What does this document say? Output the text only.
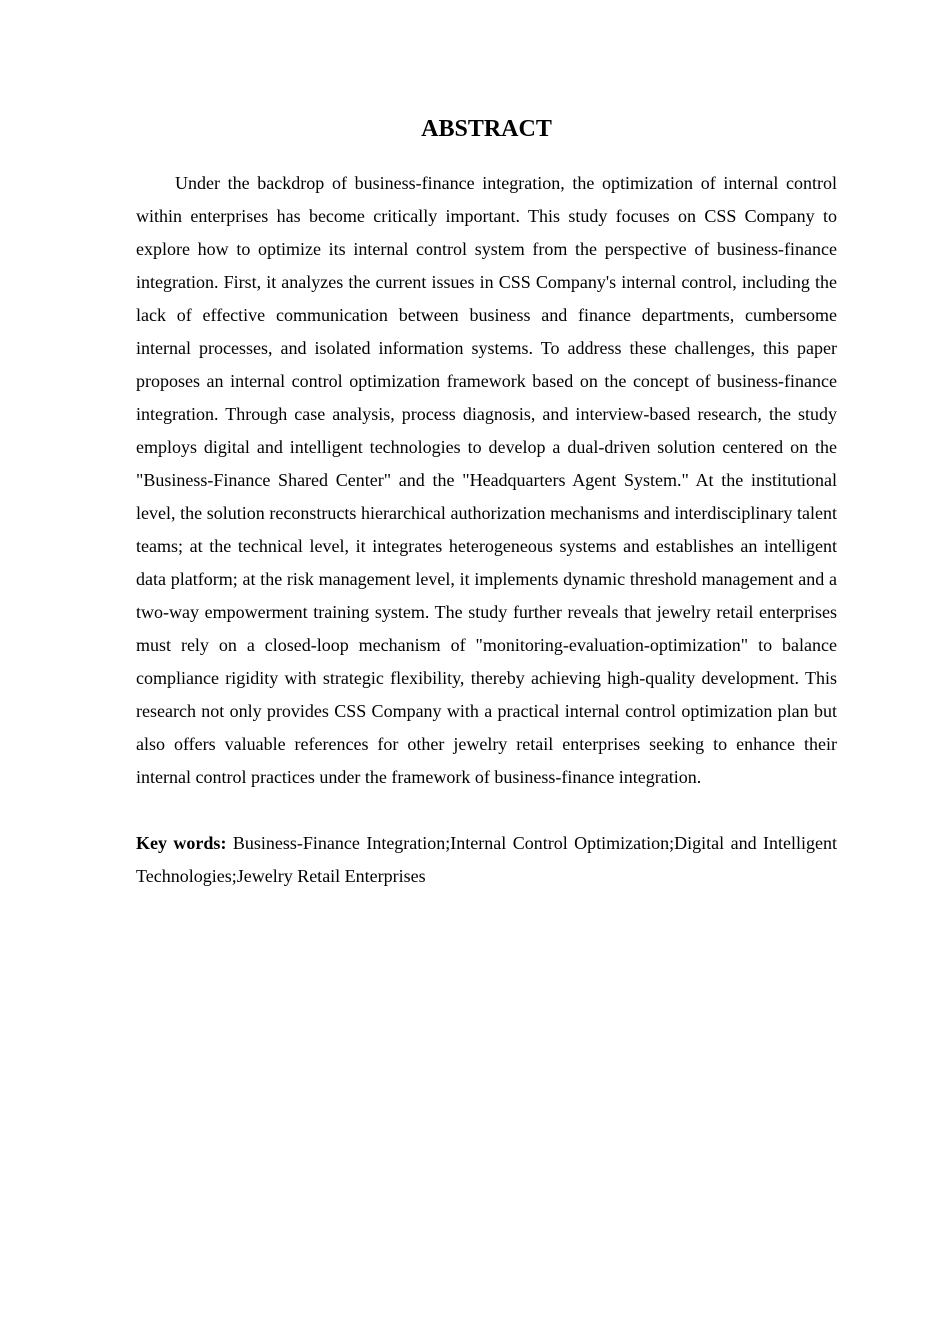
ABSTRACT

Under the backdrop of business-finance integration, the optimization of internal control within enterprises has become critically important. This study focuses on CSS Company to explore how to optimize its internal control system from the perspective of business-finance integration. First, it analyzes the current issues in CSS Company's internal control, including the lack of effective communication between business and finance departments, cumbersome internal processes, and isolated information systems. To address these challenges, this paper proposes an internal control optimization framework based on the concept of business-finance integration. Through case analysis, process diagnosis, and interview-based research, the study employs digital and intelligent technologies to develop a dual-driven solution centered on the "Business-Finance Shared Center" and the "Headquarters Agent System." At the institutional level, the solution reconstructs hierarchical authorization mechanisms and interdisciplinary talent teams; at the technical level, it integrates heterogeneous systems and establishes an intelligent data platform; at the risk management level, it implements dynamic threshold management and a two-way empowerment training system. The study further reveals that jewelry retail enterprises must rely on a closed-loop mechanism of "monitoring-evaluation-optimization" to balance compliance rigidity with strategic flexibility, thereby achieving high-quality development. This research not only provides CSS Company with a practical internal control optimization plan but also offers valuable references for other jewelry retail enterprises seeking to enhance their internal control practices under the framework of business-finance integration.

Key words: Business-Finance Integration;Internal Control Optimization;Digital and Intelligent Technologies;Jewelry Retail Enterprises
